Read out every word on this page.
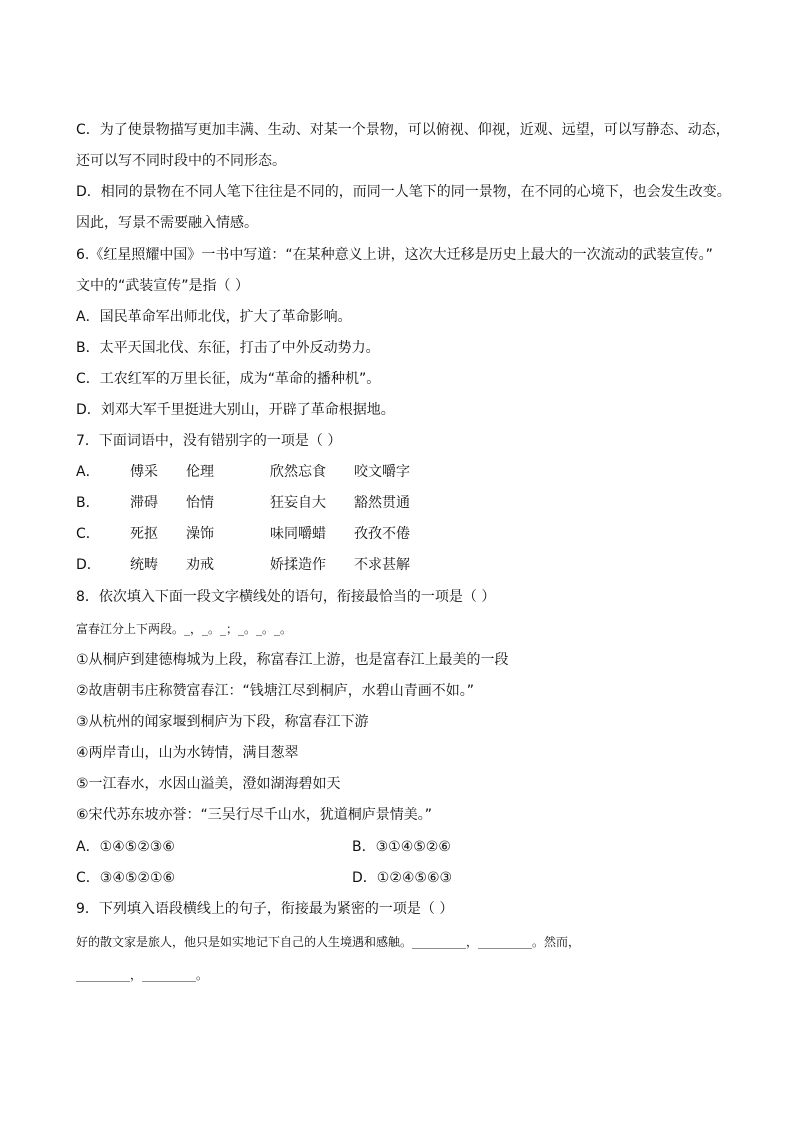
C．为了使景物描写更加丰满、生动、对某一个景物，可以俯视、仰视，近观、远望，可以写静态、动态，
还可以写不同时段中的不同形态。
D．相同的景物在不同人笔下往往是不同的，而同一人笔下的同一景物，在不同的心境下，也会发生改变。
因此，写景不需要融入情感。
6.《红星照耀中国》一书中写道：“在某种意义上讲，这次大迁移是历史上最大的一次流动的武装宣传。”
文中的“武装宣传”是指（ ）
A．国民革命军出师北伐，扩大了革命影响。
B．太平天国北伐、东征，打击了中外反动势力。
C．工农红军的万里长征，成为“革命的播种机”。
D．刘邓大军千里挺进大别山，开辟了革命根据地。
7．下面词语中，没有错别字的一项是（ ）
A． 傅采 伦理	欣然忘食 咬文嚼字
B． 滞碍 怡情	狂妄自大 豁然贯通
C． 死抠 澡饰	味同嚼蜡 孜孜不倦
D． 统畴 劝戒	娇揉造作 不求甚解
8．依次填入下面一段文字横线处的语句，衔接最恰当的一项是（ ）
富春江分上下两段。_，_。_；_。_。_。
①从桐庐到建德梅城为上段，称富春江上游，也是富春江上最美的一段
②故唐朝韦庄称赞富春江：“钱塘江尽到桐庐，水碧山青画不如。”
③从杭州的闻家堰到桐庐为下段，称富春江下游
④两岸青山，山为水铸情，满目葱翠
⑤一江春水，水因山溢美，澄如湖海碧如天
⑥宋代苏东坡亦誉：“三吴行尽千山水，犹道桐庐景情美。”
A．①④⑤②③⑥	B．③①④⑤②⑥
C．③④⑤②①⑥	D．①②④⑤⑥③
9．下列填入语段横线上的句子，衔接最为紧密的一项是（ ）
好的散文家是旅人，他只是如实地记下自己的人生境遇和感触。_________，_________。然而，
_________，_________。
